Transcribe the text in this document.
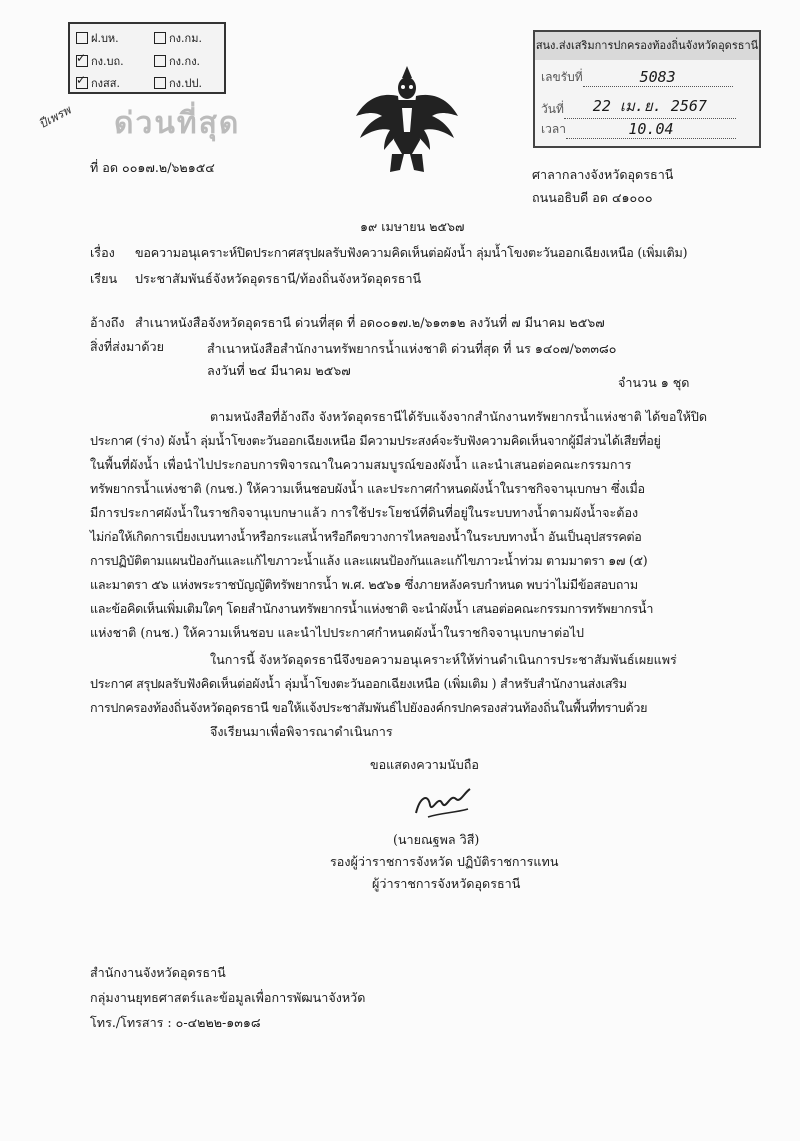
ฝ.บห.	กง.กม.
✓
กง.บถ.	กง.กง.
✓
กงสส.	กง.ปป.
ด่วนที่สุด
ปีเพรพ
สนง.ส่งเสริมการปกครองท้องถิ่นจังหวัดอุดรธานี
เลขรับที่	5083
วันที่	22 เม.ย. 2567
เวลา	10.04
ที่ อด ๐๐๑๗.๒/๖๒๑๕๔	ศาลากลางจังหวัดอุดรธานี
ถนนอธิบดี อด ๔๑๐๐๐
๑๙ เมษายน ๒๕๖๗
เรื่อง ขอความอนุเคราะห์ปิดประกาศสรุปผลรับฟังความคิดเห็นต่อผังน้ำ ลุ่มน้ำโขงตะวันออกเฉียงเหนือ (เพิ่มเติม)
เรียน ประชาสัมพันธ์จังหวัดอุดรธานี/ท้องถิ่นจังหวัดอุดรธานี
อ้างถึง สำเนาหนังสือจังหวัดอุดรธานี ด่วนที่สุด ที่ อด๐๐๑๗.๒/๖๑๓๑๒ ลงวันที่ ๗ มีนาคม ๒๕๖๗
สิ่งที่ส่งมาด้วย	สำเนาหนังสือสำนักงานทรัพยากรน้ำแห่งชาติ ด่วนที่สุด ที่ นร ๑๔๐๗/๖๓๓๘๐
ลงวันที่ ๒๔ มีนาคม ๒๕๖๗
จำนวน ๑ ชุด
ตามหนังสือที่อ้างถึง จังหวัดอุดรธานีได้รับแจ้งจากสำนักงานทรัพยากรน้ำแห่งชาติ ได้ขอให้ปิด
ประกาศ (ร่าง) ผังน้ำ ลุ่มน้ำโขงตะวันออกเฉียงเหนือ มีความประสงค์จะรับฟังความคิดเห็นจากผู้มีส่วนได้เสียที่อยู่
ในพื้นที่ผังน้ำ เพื่อนำไปประกอบการพิจารณาในความสมบูรณ์ของผังน้ำ และนำเสนอต่อคณะกรรมการ
ทรัพยากรน้ำแห่งชาติ (กนช.) ให้ความเห็นชอบผังน้ำ และประกาศกำหนดผังน้ำในราชกิจจานุเบกษา ซึ่งเมื่อ
มีการประกาศผังน้ำในราชกิจจานุเบกษาแล้ว การใช้ประโยชน์ที่ดินที่อยู่ในระบบทางน้ำตามผังน้ำจะต้อง
ไม่ก่อให้เกิดการเบี่ยงเบนทางน้ำหรือกระแสน้ำหรือกีดขวางการไหลของน้ำในระบบทางน้ำ อันเป็นอุปสรรคต่อ
การปฏิบัติตามแผนป้องกันและแก้ไขภาวะน้ำแล้ง และแผนป้องกันและแก้ไขภาวะน้ำท่วม ตามมาตรา ๑๗ (๕)
และมาตรา ๕๖ แห่งพระราชบัญญัติทรัพยากรน้ำ พ.ศ. ๒๕๖๑ ซึ่งภายหลังครบกำหนด พบว่าไม่มีข้อสอบถาม
และข้อคิดเห็นเพิ่มเติมใดๆ โดยสำนักงานทรัพยากรน้ำแห่งชาติ จะนำผังน้ำ เสนอต่อคณะกรรมการทรัพยากรน้ำ
แห่งชาติ (กนช.) ให้ความเห็นชอบ และนำไปประกาศกำหนดผังน้ำในราชกิจจานุเบกษาต่อไป
ในการนี้ จังหวัดอุดรธานีจึงขอความอนุเคราะห์ให้ท่านดำเนินการประชาสัมพันธ์เผยแพร่
ประกาศ สรุปผลรับฟังคิดเห็นต่อผังน้ำ ลุ่มน้ำโขงตะวันออกเฉียงเหนือ (เพิ่มเติม ) สำหรับสำนักงานส่งเสริม
การปกครองท้องถิ่นจังหวัดอุดรธานี ขอให้แจ้งประชาสัมพันธ์ไปยังองค์กรปกครองส่วนท้องถิ่นในพื้นที่ทราบด้วย
จึงเรียนมาเพื่อพิจารณาดำเนินการ
ขอแสดงความนับถือ
(นายณฐพล วิสี)
รองผู้ว่าราชการจังหวัด ปฏิบัติราชการแทน
ผู้ว่าราชการจังหวัดอุดรธานี
สำนักงานจังหวัดอุดรธานี
กลุ่มงานยุทธศาสตร์และข้อมูลเพื่อการพัฒนาจังหวัด
โทร./โทรสาร : ๐-๔๒๒๒-๑๓๑๘
